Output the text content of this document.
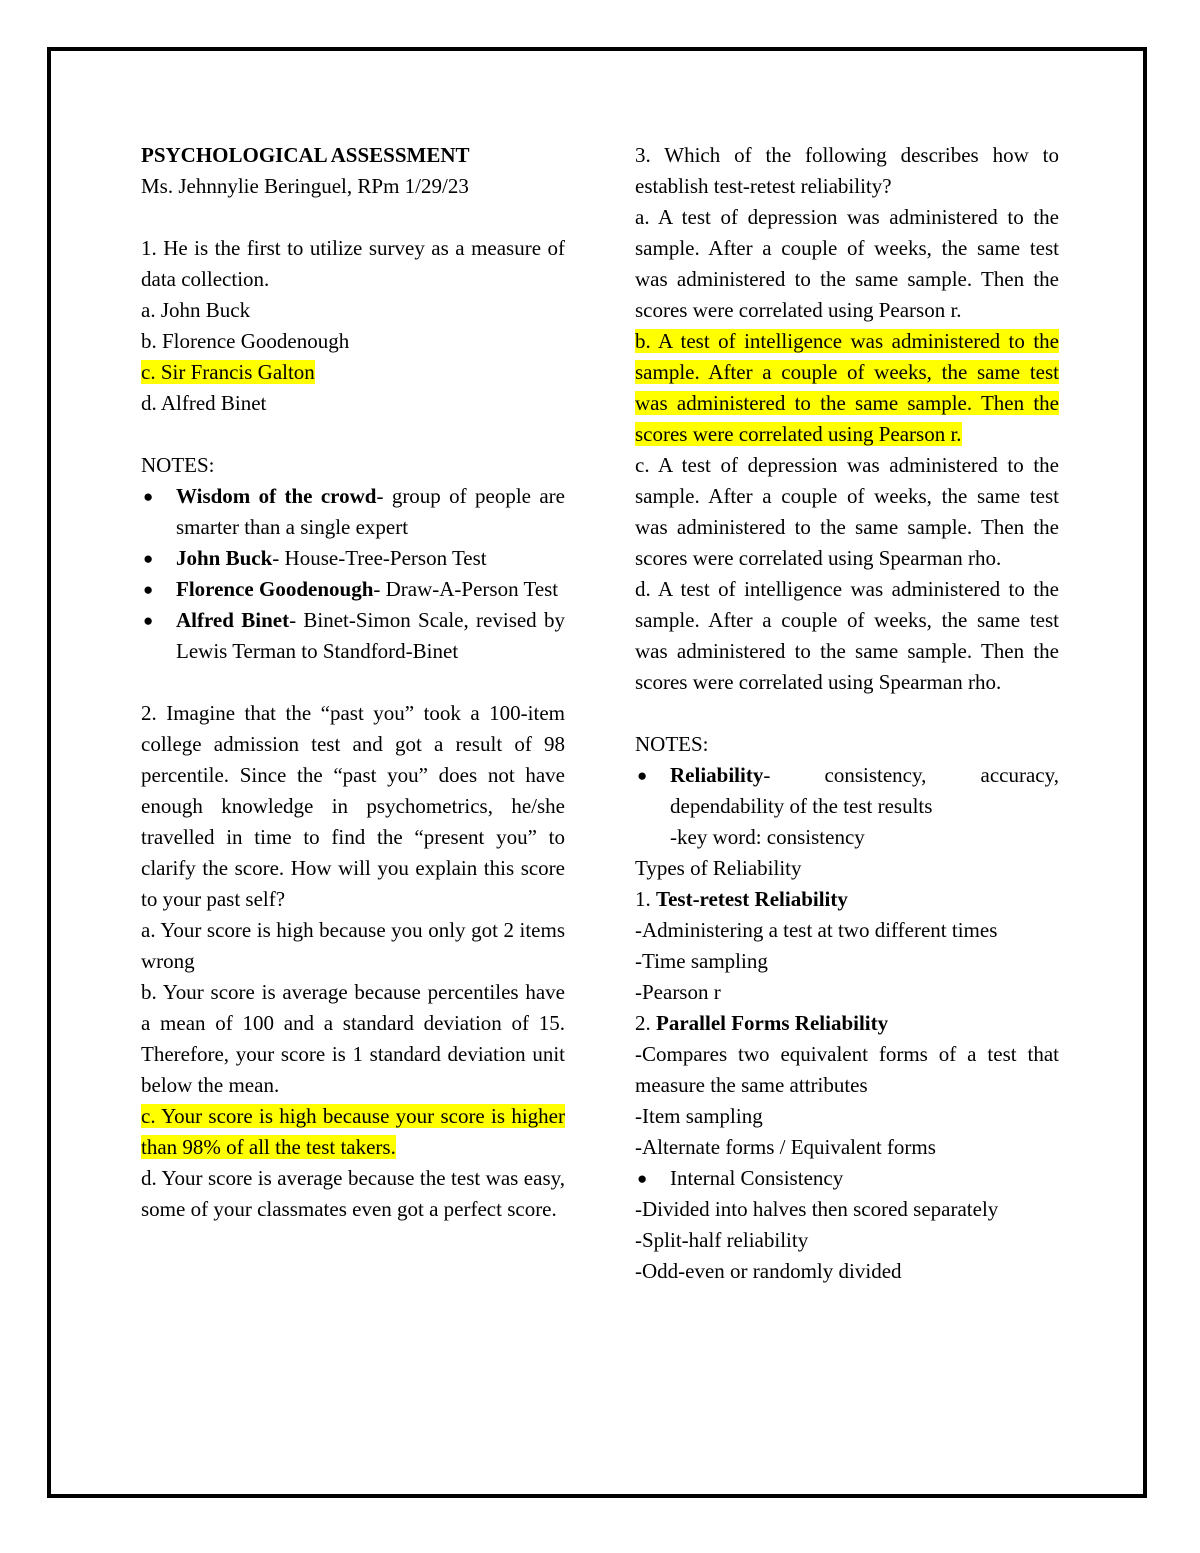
PSYCHOLOGICAL ASSESSMENT

Ms. Jehnnylie Beringuel, RPm 1/29/23

1. He is the first to utilize survey as a measure of data collection.

a. John Buck

b. Florence Goodenough

c. Sir Francis Galton

d. Alfred Binet

NOTES:

● Wisdom of the crowd- group of people are smarter than a single expert
● John Buck- House-Tree-Person Test
● Florence Goodenough- Draw-A-Person Test
● Alfred Binet- Binet-Simon Scale, revised by Lewis Terman to Standford-Binet

2. Imagine that the “past you” took a 100-item college admission test and got a result of 98 percentile. Since the “past you” does not have enough knowledge in psychometrics, he/she travelled in time to find the “present you” to clarify the score. How will you explain this score to your past self?

a. Your score is high because you only got 2 items wrong

b. Your score is average because percentiles have a mean of 100 and a standard deviation of 15. Therefore, your score is 1 standard deviation unit below the mean.

c. Your score is high because your score is higher than 98% of all the test takers.

d. Your score is average because the test was easy, some of your classmates even got a perfect score.

3. Which of the following describes how to establish test-retest reliability?

a. A test of depression was administered to the sample. After a couple of weeks, the same test was administered to the same sample. Then the scores were correlated using Pearson r.

b. A test of intelligence was administered to the sample. After a couple of weeks, the same test was administered to the same sample. Then the scores were correlated using Pearson r.

c. A test of depression was administered to the sample. After a couple of weeks, the same test was administered to the same sample. Then the scores were correlated using Spearman rho.

d. A test of intelligence was administered to the sample. After a couple of weeks, the same test was administered to the same sample. Then the scores were correlated using Spearman rho.

NOTES:

● Reliability- consistency, accuracy, dependability of the test results

-key word: consistency

Types of Reliability

1. Test-retest Reliability

-Administering a test at two different times

-Time sampling

-Pearson r

2. Parallel Forms Reliability

-Compares two equivalent forms of a test that measure the same attributes

-Item sampling

-Alternate forms / Equivalent forms

● Internal Consistency

-Divided into halves then scored separately

-Split-half reliability

-Odd-even or randomly divided
